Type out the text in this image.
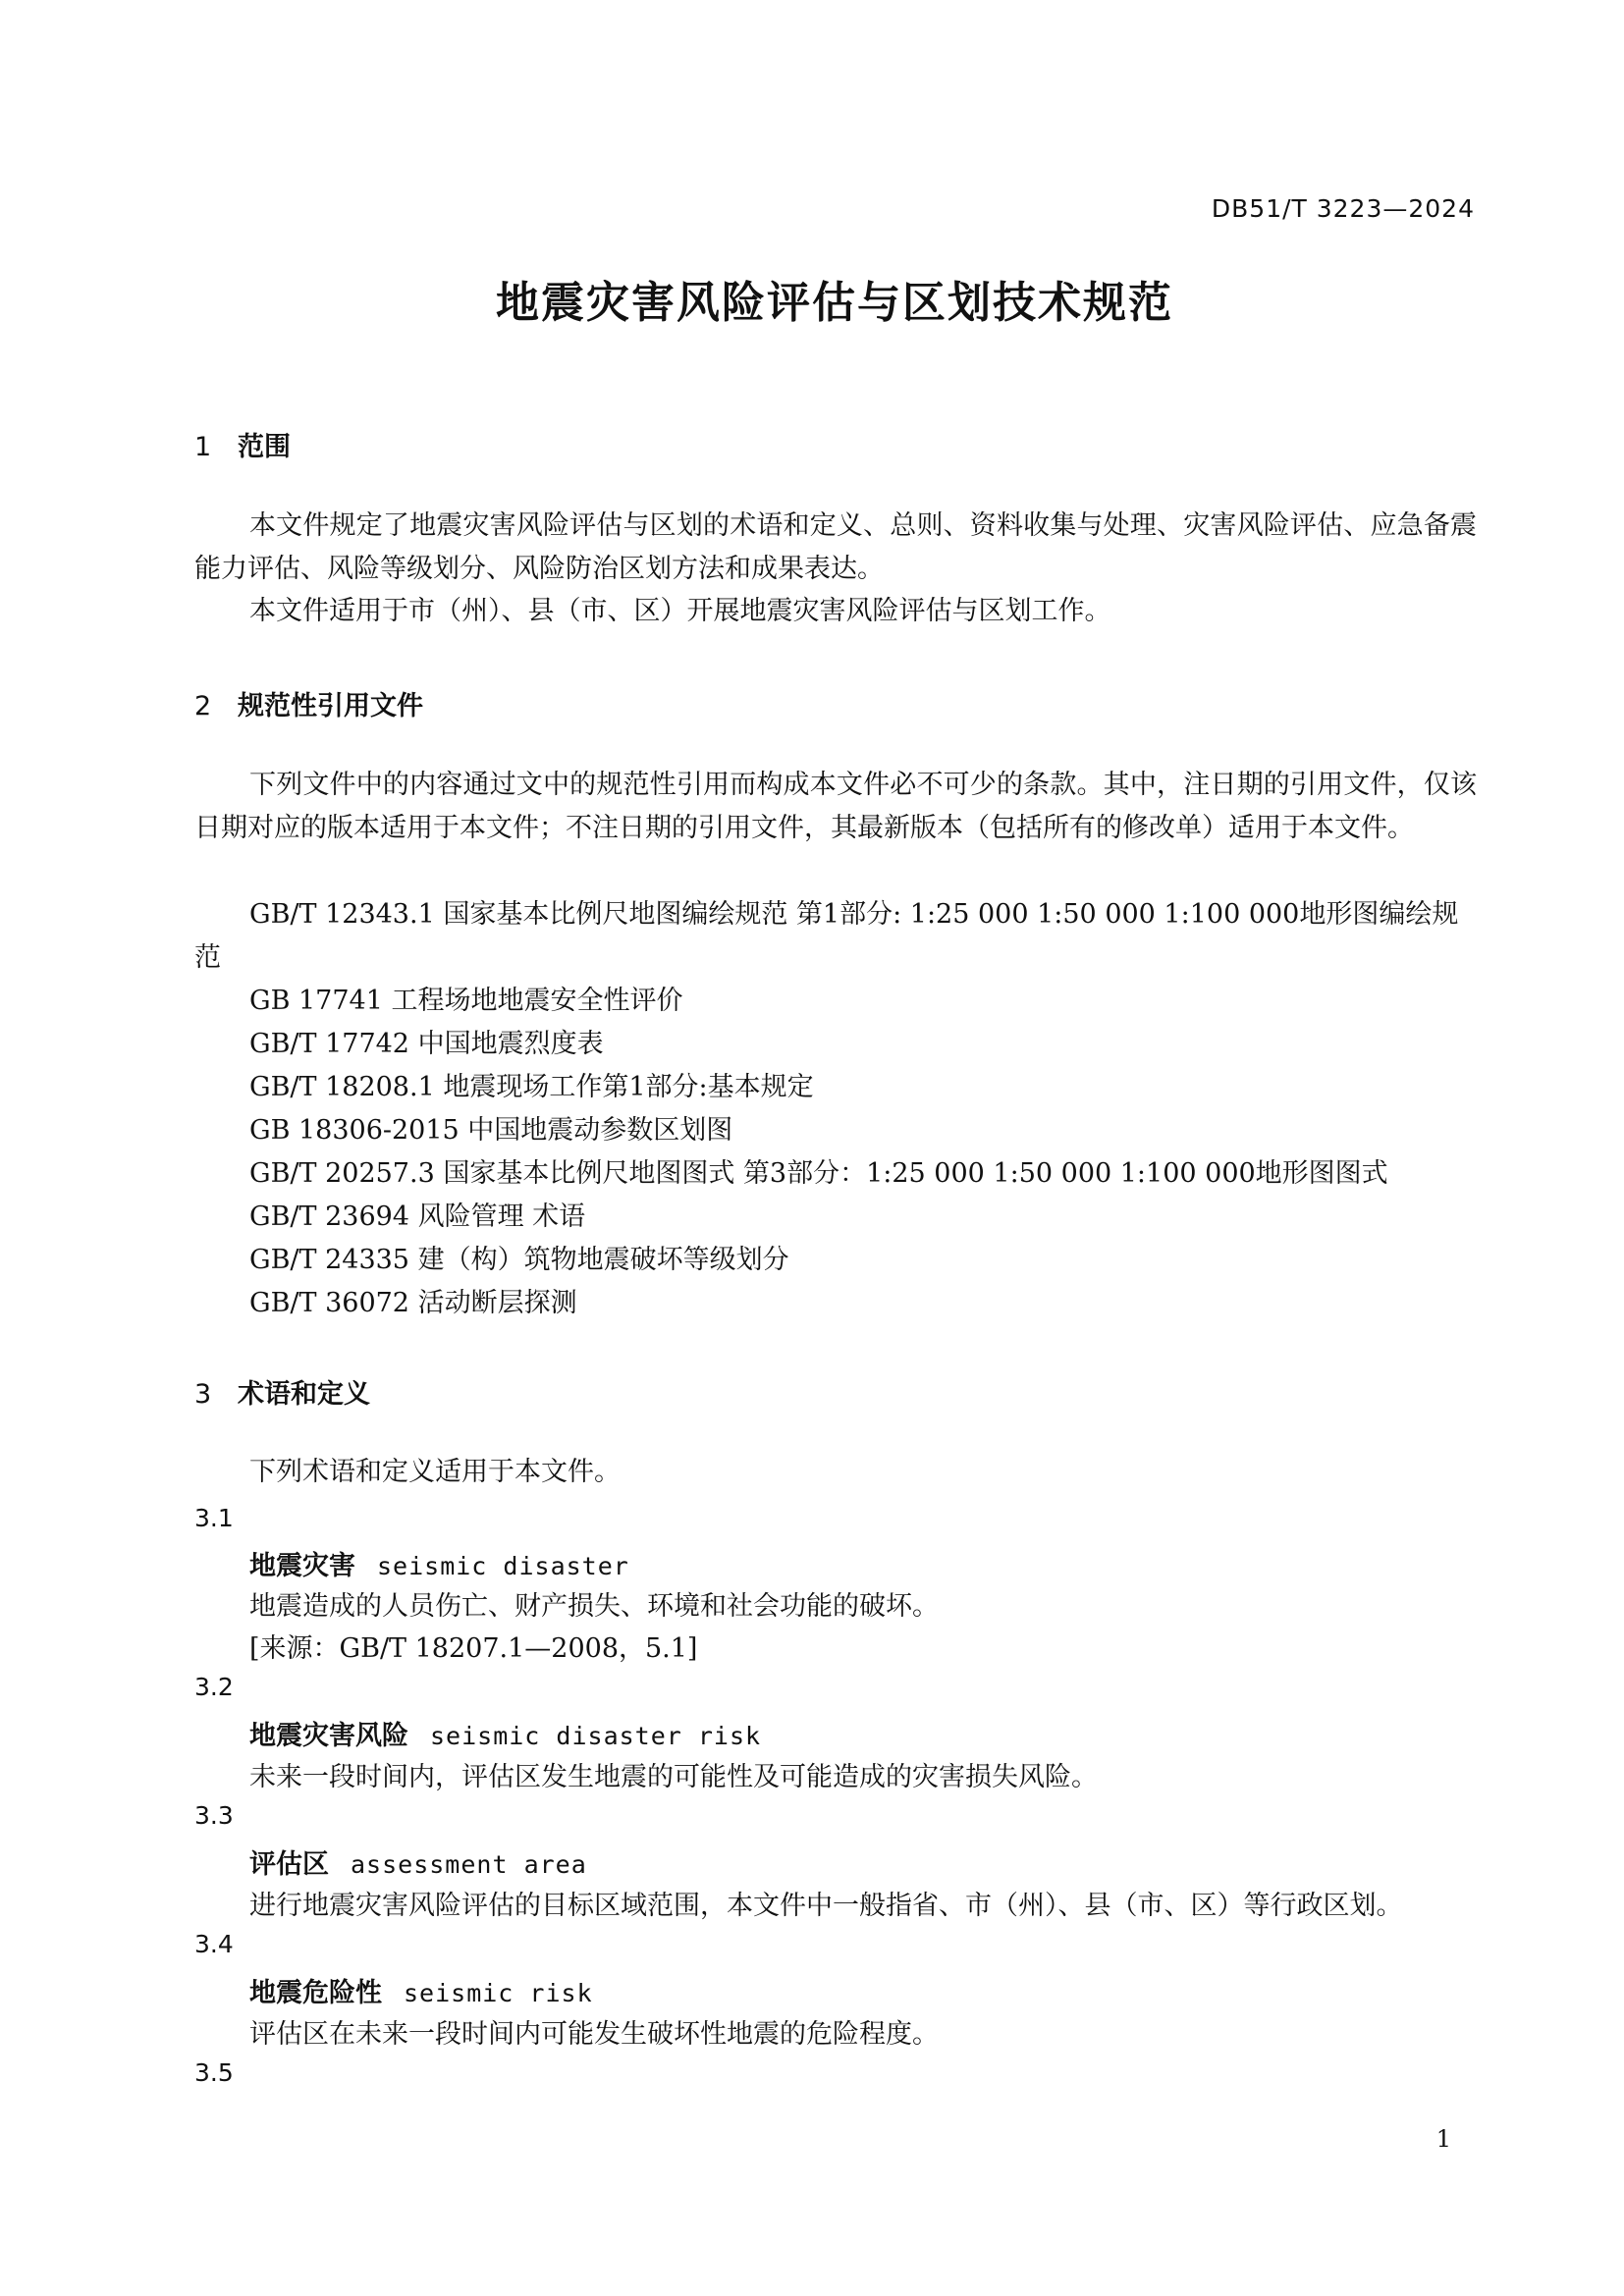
DB51/T 3223—2024
地震灾害风险评估与区划技术规范
1 范围
本文件规定了地震灾害风险评估与区划的术语和定义、总则、资料收集与处理、灾害风险评估、应急备震能力评估、风险等级划分、风险防治区划方法和成果表达。
本文件适用于市（州）、县（市、区）开展地震灾害风险评估与区划工作。
2 规范性引用文件
下列文件中的内容通过文中的规范性引用而构成本文件必不可少的条款。其中，注日期的引用文件，仅该日期对应的版本适用于本文件；不注日期的引用文件，其最新版本（包括所有的修改单）适用于本文件。
GB/T 12343.1 国家基本比例尺地图编绘规范 第1部分: 1:25 000 1:50 000 1:100 000地形图编绘规范
GB 17741 工程场地地震安全性评价
GB/T 17742 中国地震烈度表
GB/T 18208.1 地震现场工作第1部分:基本规定
GB 18306-2015 中国地震动参数区划图
GB/T 20257.3 国家基本比例尺地图图式 第3部分：1:25 000 1:50 000 1:100 000地形图图式
GB/T 23694 风险管理 术语
GB/T 24335 建（构）筑物地震破坏等级划分
GB/T 36072 活动断层探测
3 术语和定义
下列术语和定义适用于本文件。
3.1
地震灾害 seismic disaster
地震造成的人员伤亡、财产损失、环境和社会功能的破坏。
[来源：GB/T 18207.1—2008，5.1]
3.2
地震灾害风险 seismic disaster risk
未来一段时间内，评估区发生地震的可能性及可能造成的灾害损失风险。
3.3
评估区 assessment area
进行地震灾害风险评估的目标区域范围，本文件中一般指省、市（州）、县（市、区）等行政区划。
3.4
地震危险性 seismic risk
评估区在未来一段时间内可能发生破坏性地震的危险程度。
3.5
1
